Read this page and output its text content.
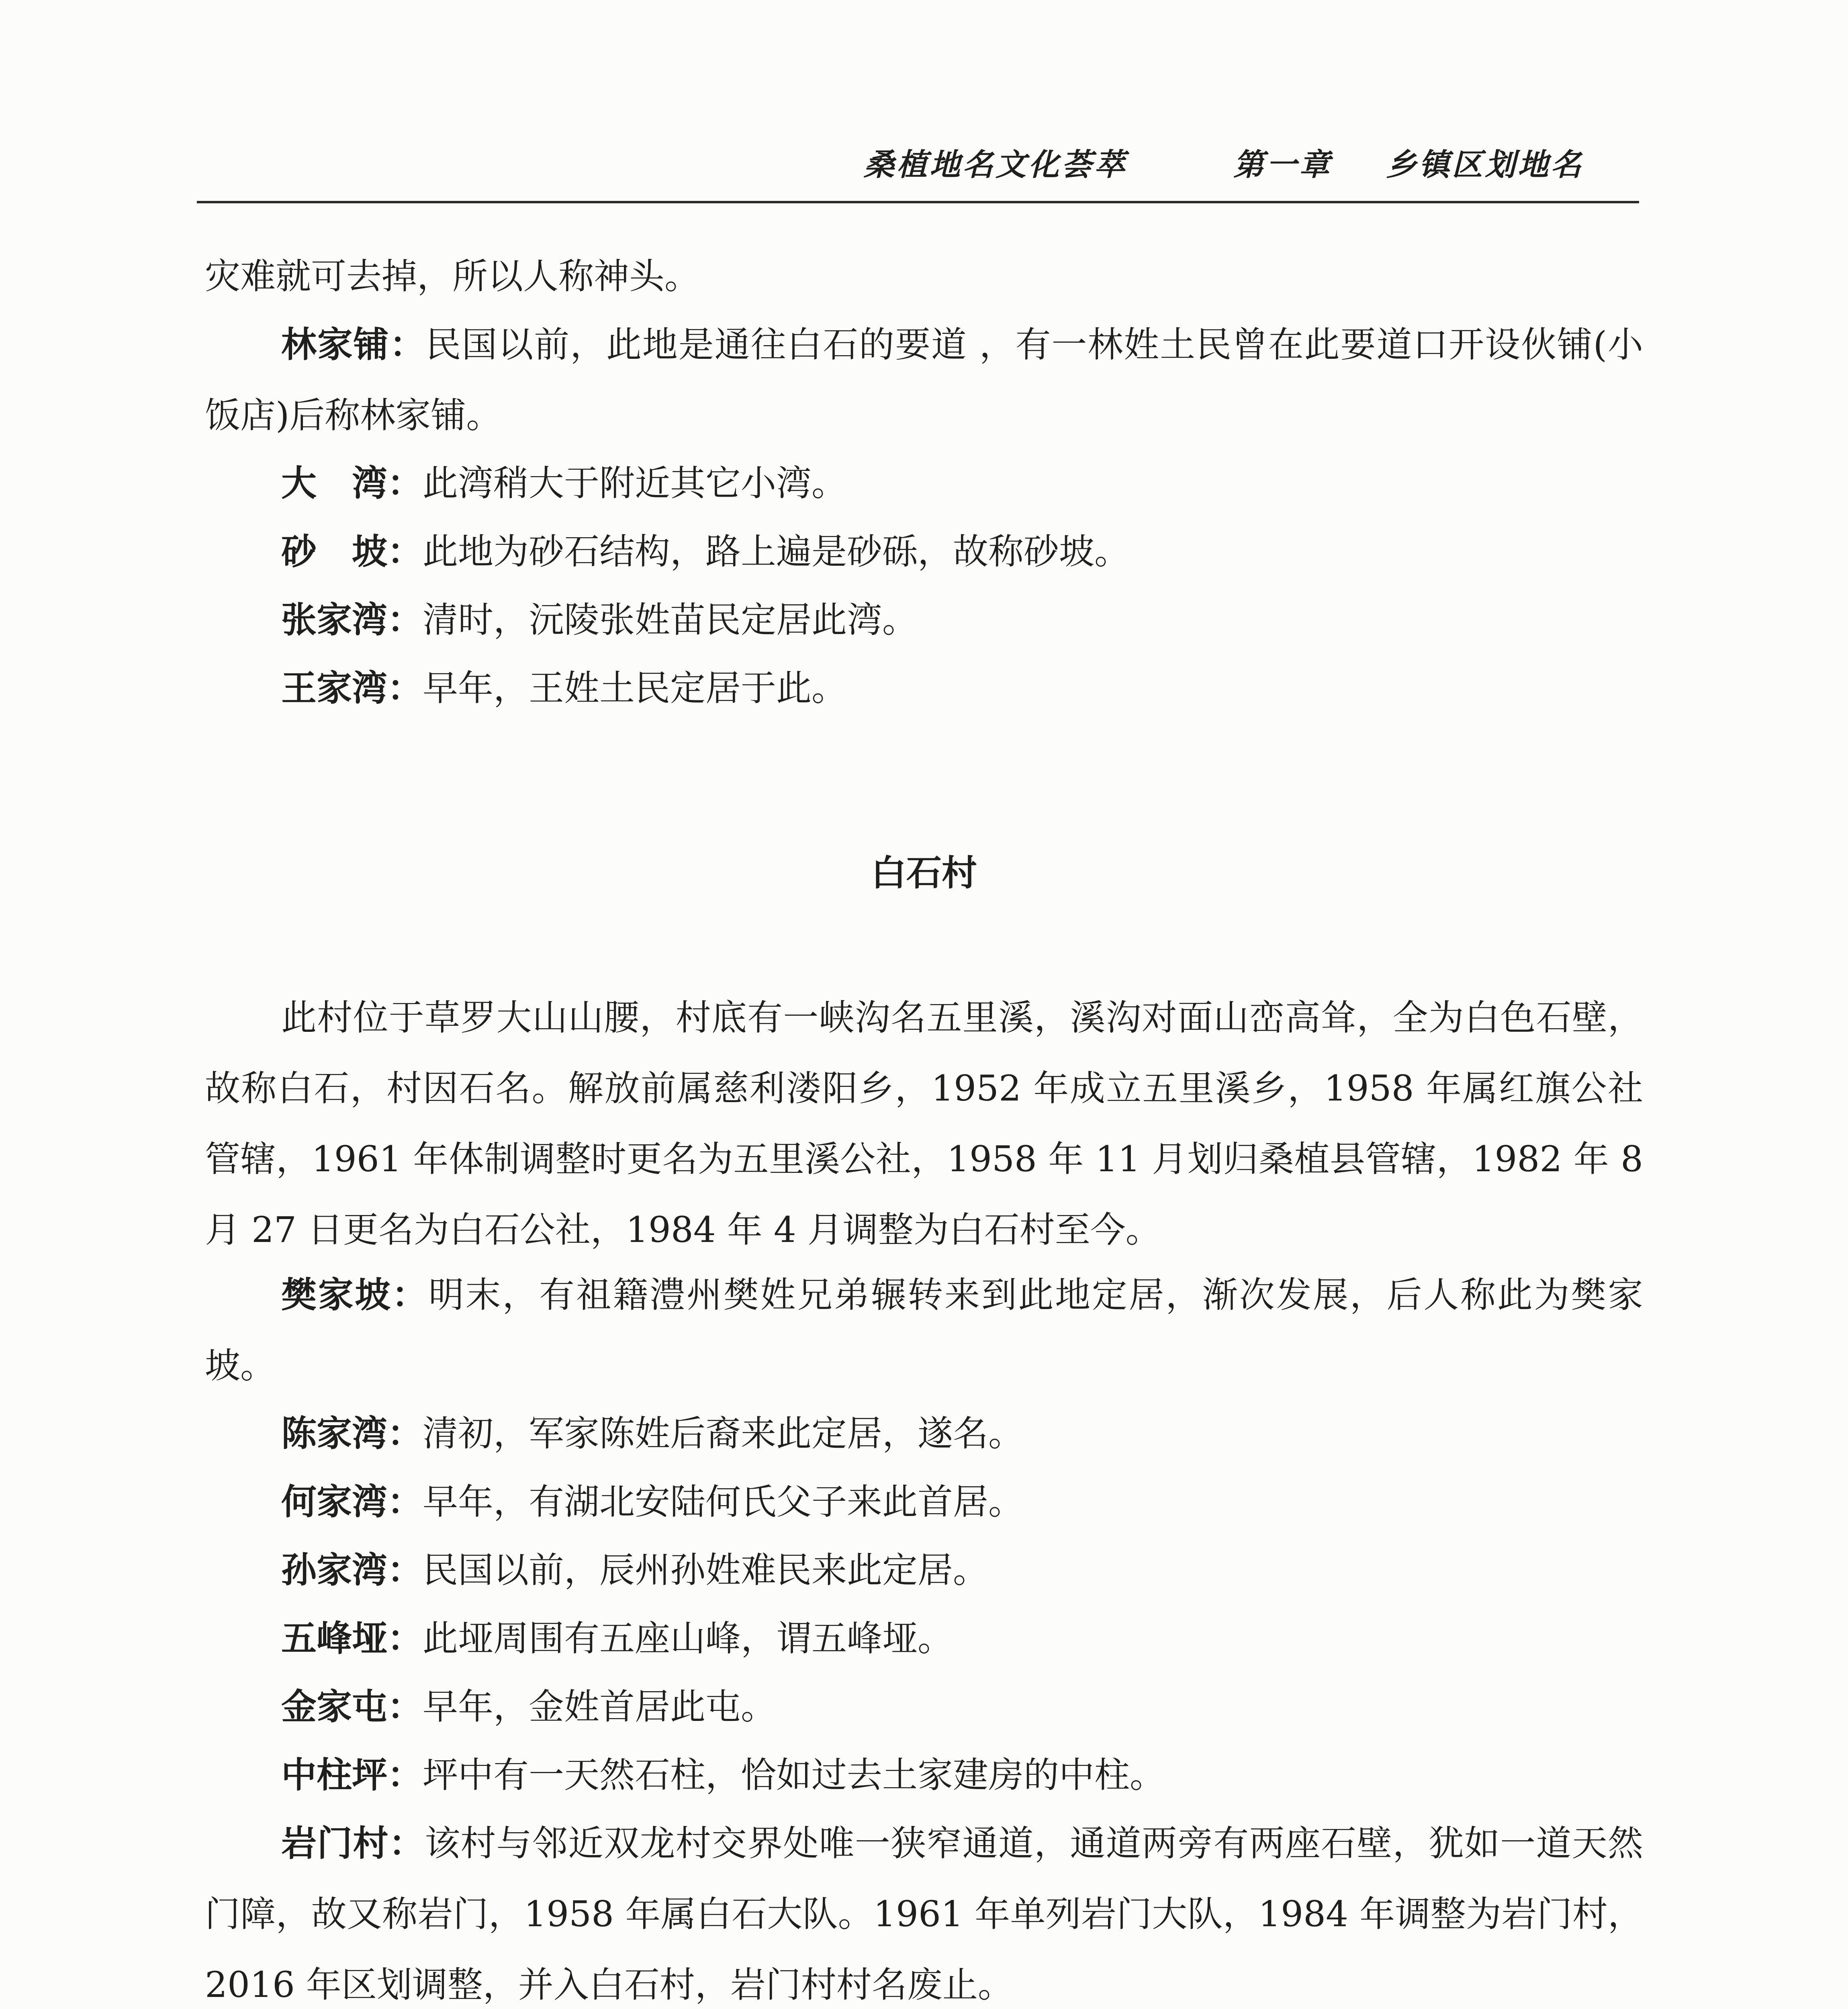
桑植地名文化荟萃	第一章 乡镇区划地名
灾难就可去掉，所以人称神头。
林家铺：民国以前，此地是通往白石的要道 ，有一林姓土民曾在此要道口开设伙铺(小饭店)后称林家铺。
大　湾：此湾稍大于附近其它小湾。
砂　坡：此地为砂石结构，路上遍是砂砾，故称砂坡。
张家湾：清时，沅陵张姓苗民定居此湾。
王家湾：早年，王姓土民定居于此。
白石村
此村位于草罗大山山腰，村底有一峡沟名五里溪，溪沟对面山峦高耸，全为白色石壁，故称白石，村因石名。解放前属慈利溇阳乡，1952 年成立五里溪乡，1958 年属红旗公社管辖，1961 年体制调整时更名为五里溪公社，1958 年 11 月划归桑植县管辖，1982 年 8 月 27 日更名为白石公社，1984 年 4 月调整为白石村至今。
樊家坡：明末，有祖籍澧州樊姓兄弟辗转来到此地定居，渐次发展，后人称此为樊家坡。
陈家湾：清初，军家陈姓后裔来此定居，遂名。
何家湾：早年，有湖北安陆何氏父子来此首居。
孙家湾：民国以前，辰州孙姓难民来此定居。
五峰垭：此垭周围有五座山峰，谓五峰垭。
金家屯：早年，金姓首居此屯。
中柱坪：坪中有一天然石柱，恰如过去土家建房的中柱。
岩门村：该村与邻近双龙村交界处唯一狭窄通道，通道两旁有两座石壁，犹如一道天然门障，故又称岩门，1958 年属白石大队。1961 年单列岩门大队，1984 年调整为岩门村，2016 年区划调整，并入白石村，岩门村村名废止。
